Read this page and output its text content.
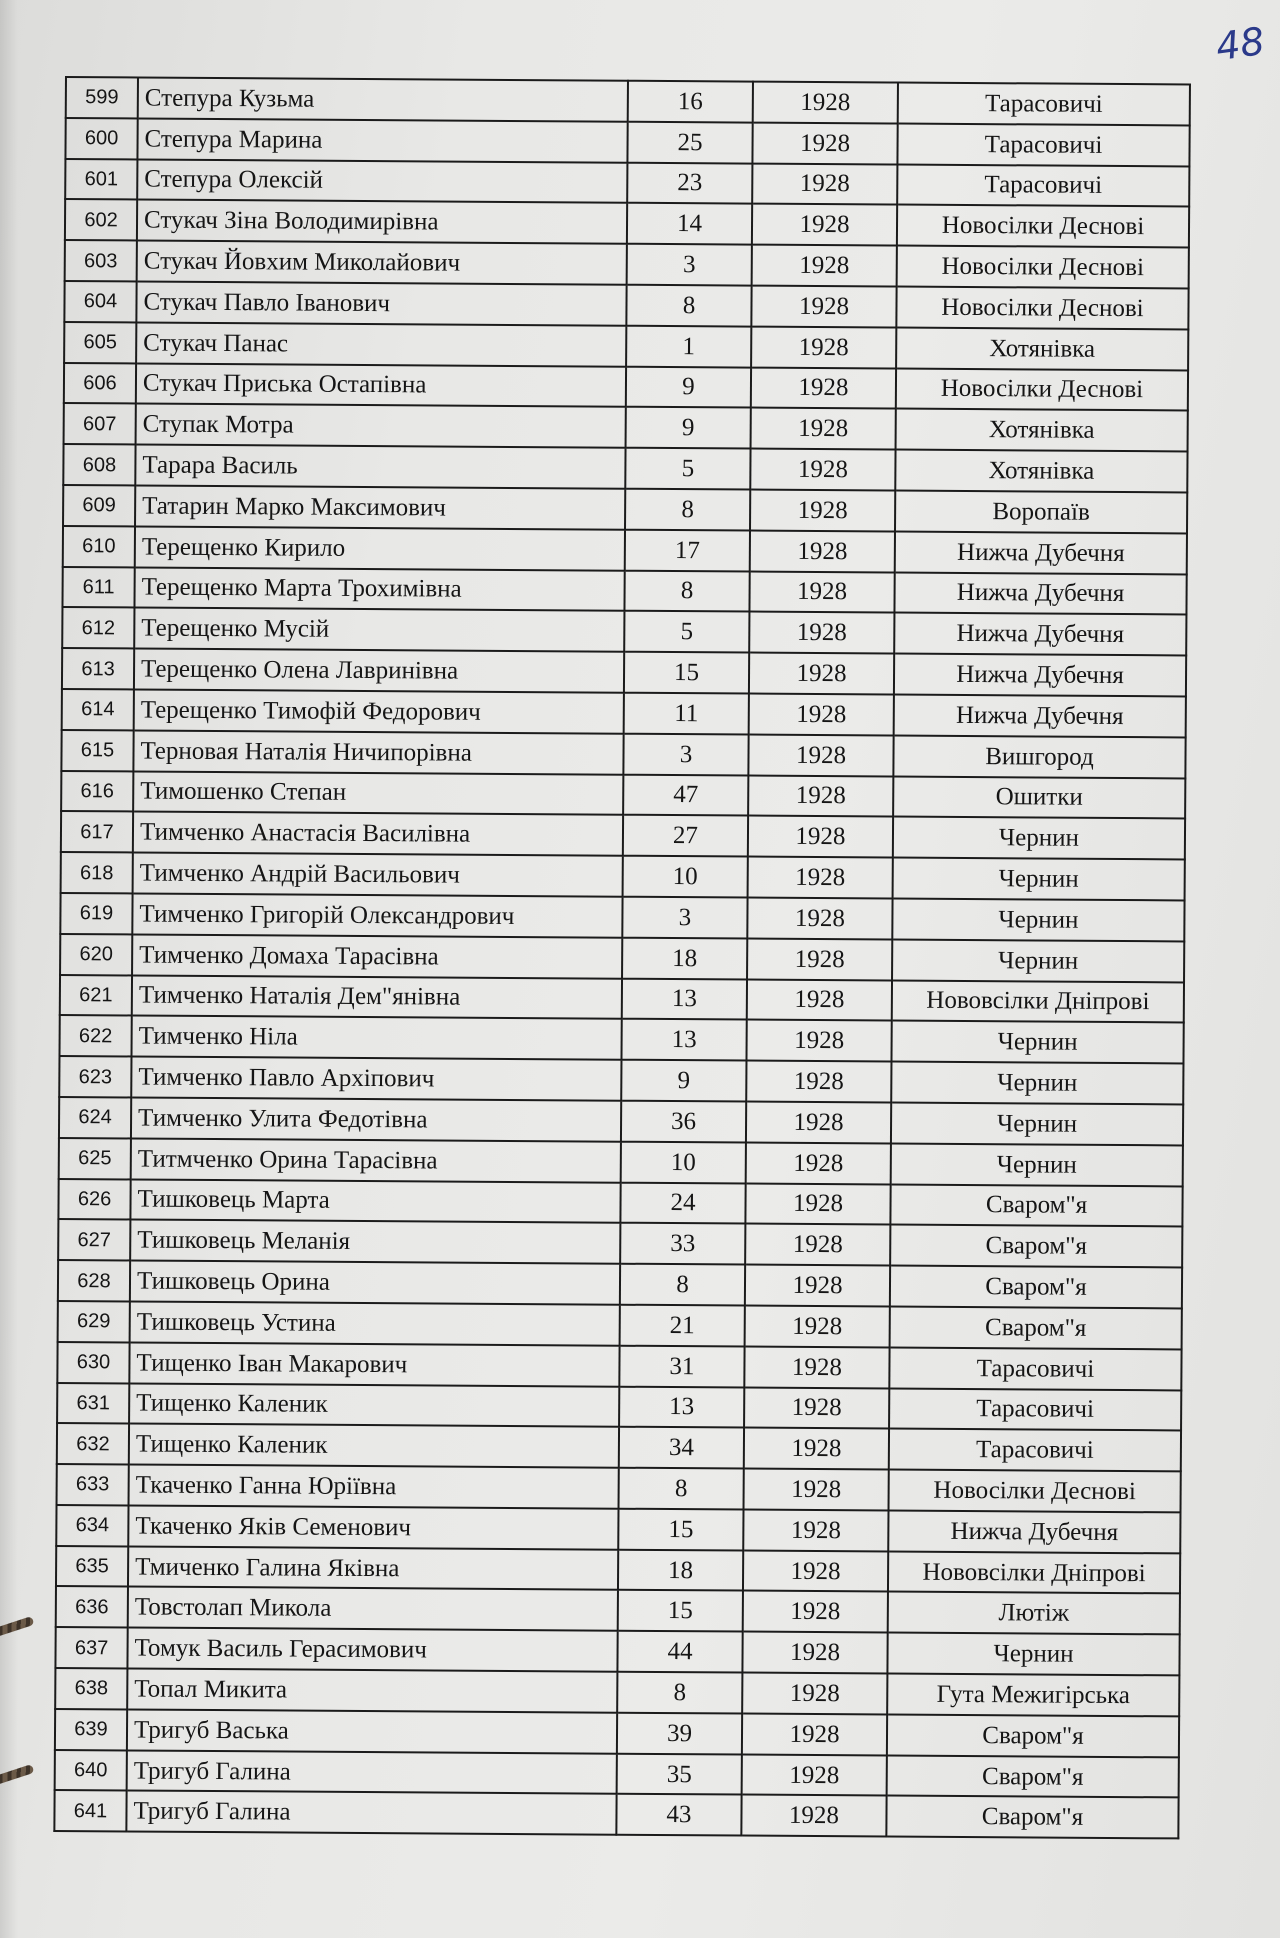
48
599	Степура Кузьма	16	1928	Тарасовичі
600	Степура Марина	25	1928	Тарасовичі
601	Степура Олексій	23	1928	Тарасовичі
602	Стукач Зіна Володимирівна	14	1928	Новосілки Деснові
603	Стукач Йовхим Миколайович	3	1928	Новосілки Деснові
604	Стукач Павло Іванович	8	1928	Новосілки Деснові
605	Стукач Панас	1	1928	Хотянівка
606	Стукач Приська Остапівна	9	1928	Новосілки Деснові
607	Ступак Мотра	9	1928	Хотянівка
608	Тарара Василь	5	1928	Хотянівка
609	Татарин Марко Максимович	8	1928	Воропаїв
610	Терещенко Кирило	17	1928	Нижча Дубечня
611	Терещенко Марта Трохимівна	8	1928	Нижча Дубечня
612	Терещенко Мусій	5	1928	Нижча Дубечня
613	Терещенко Олена Лавринівна	15	1928	Нижча Дубечня
614	Терещенко Тимофій Федорович	11	1928	Нижча Дубечня
615	Терновая Наталія Ничипорівна	3	1928	Вишгород
616	Тимошенко Степан	47	1928	Ошитки
617	Тимченко Анастасія Василівна	27	1928	Чернин
618	Тимченко Андрій Васильович	10	1928	Чернин
619	Тимченко Григорій Олександрович	3	1928	Чернин
620	Тимченко Домаха Тарасівна	18	1928	Чернин
621	Тимченко Наталія Дем"янівна	13	1928	Нововсілки Дніпрові
622	Тимченко Ніла	13	1928	Чернин
623	Тимченко Павло Архіпович	9	1928	Чернин
624	Тимченко Улита Федотівна	36	1928	Чернин
625	Титмченко Орина Тарасівна	10	1928	Чернин
626	Тишковець Марта	24	1928	Сваром"я
627	Тишковець Меланія	33	1928	Сваром"я
628	Тишковець Орина	8	1928	Сваром"я
629	Тишковець Устина	21	1928	Сваром"я
630	Тищенко Іван Макарович	31	1928	Тарасовичі
631	Тищенко Каленик	13	1928	Тарасовичі
632	Тищенко Каленик	34	1928	Тарасовичі
633	Ткаченко Ганна Юріївна	8	1928	Новосілки Деснові
634	Ткаченко Яків Семенович	15	1928	Нижча Дубечня
635	Тмиченко Галина Яківна	18	1928	Нововсілки Дніпрові
636	Товстолап Микола	15	1928	Лютіж
637	Томук Василь Герасимович	44	1928	Чернин
638	Топал Микита	8	1928	Гута Межигірська
639	Тригуб Васька	39	1928	Сваром"я
640	Тригуб Галина	35	1928	Сваром"я
641	Тригуб Галина	43	1928	Сваром"я
